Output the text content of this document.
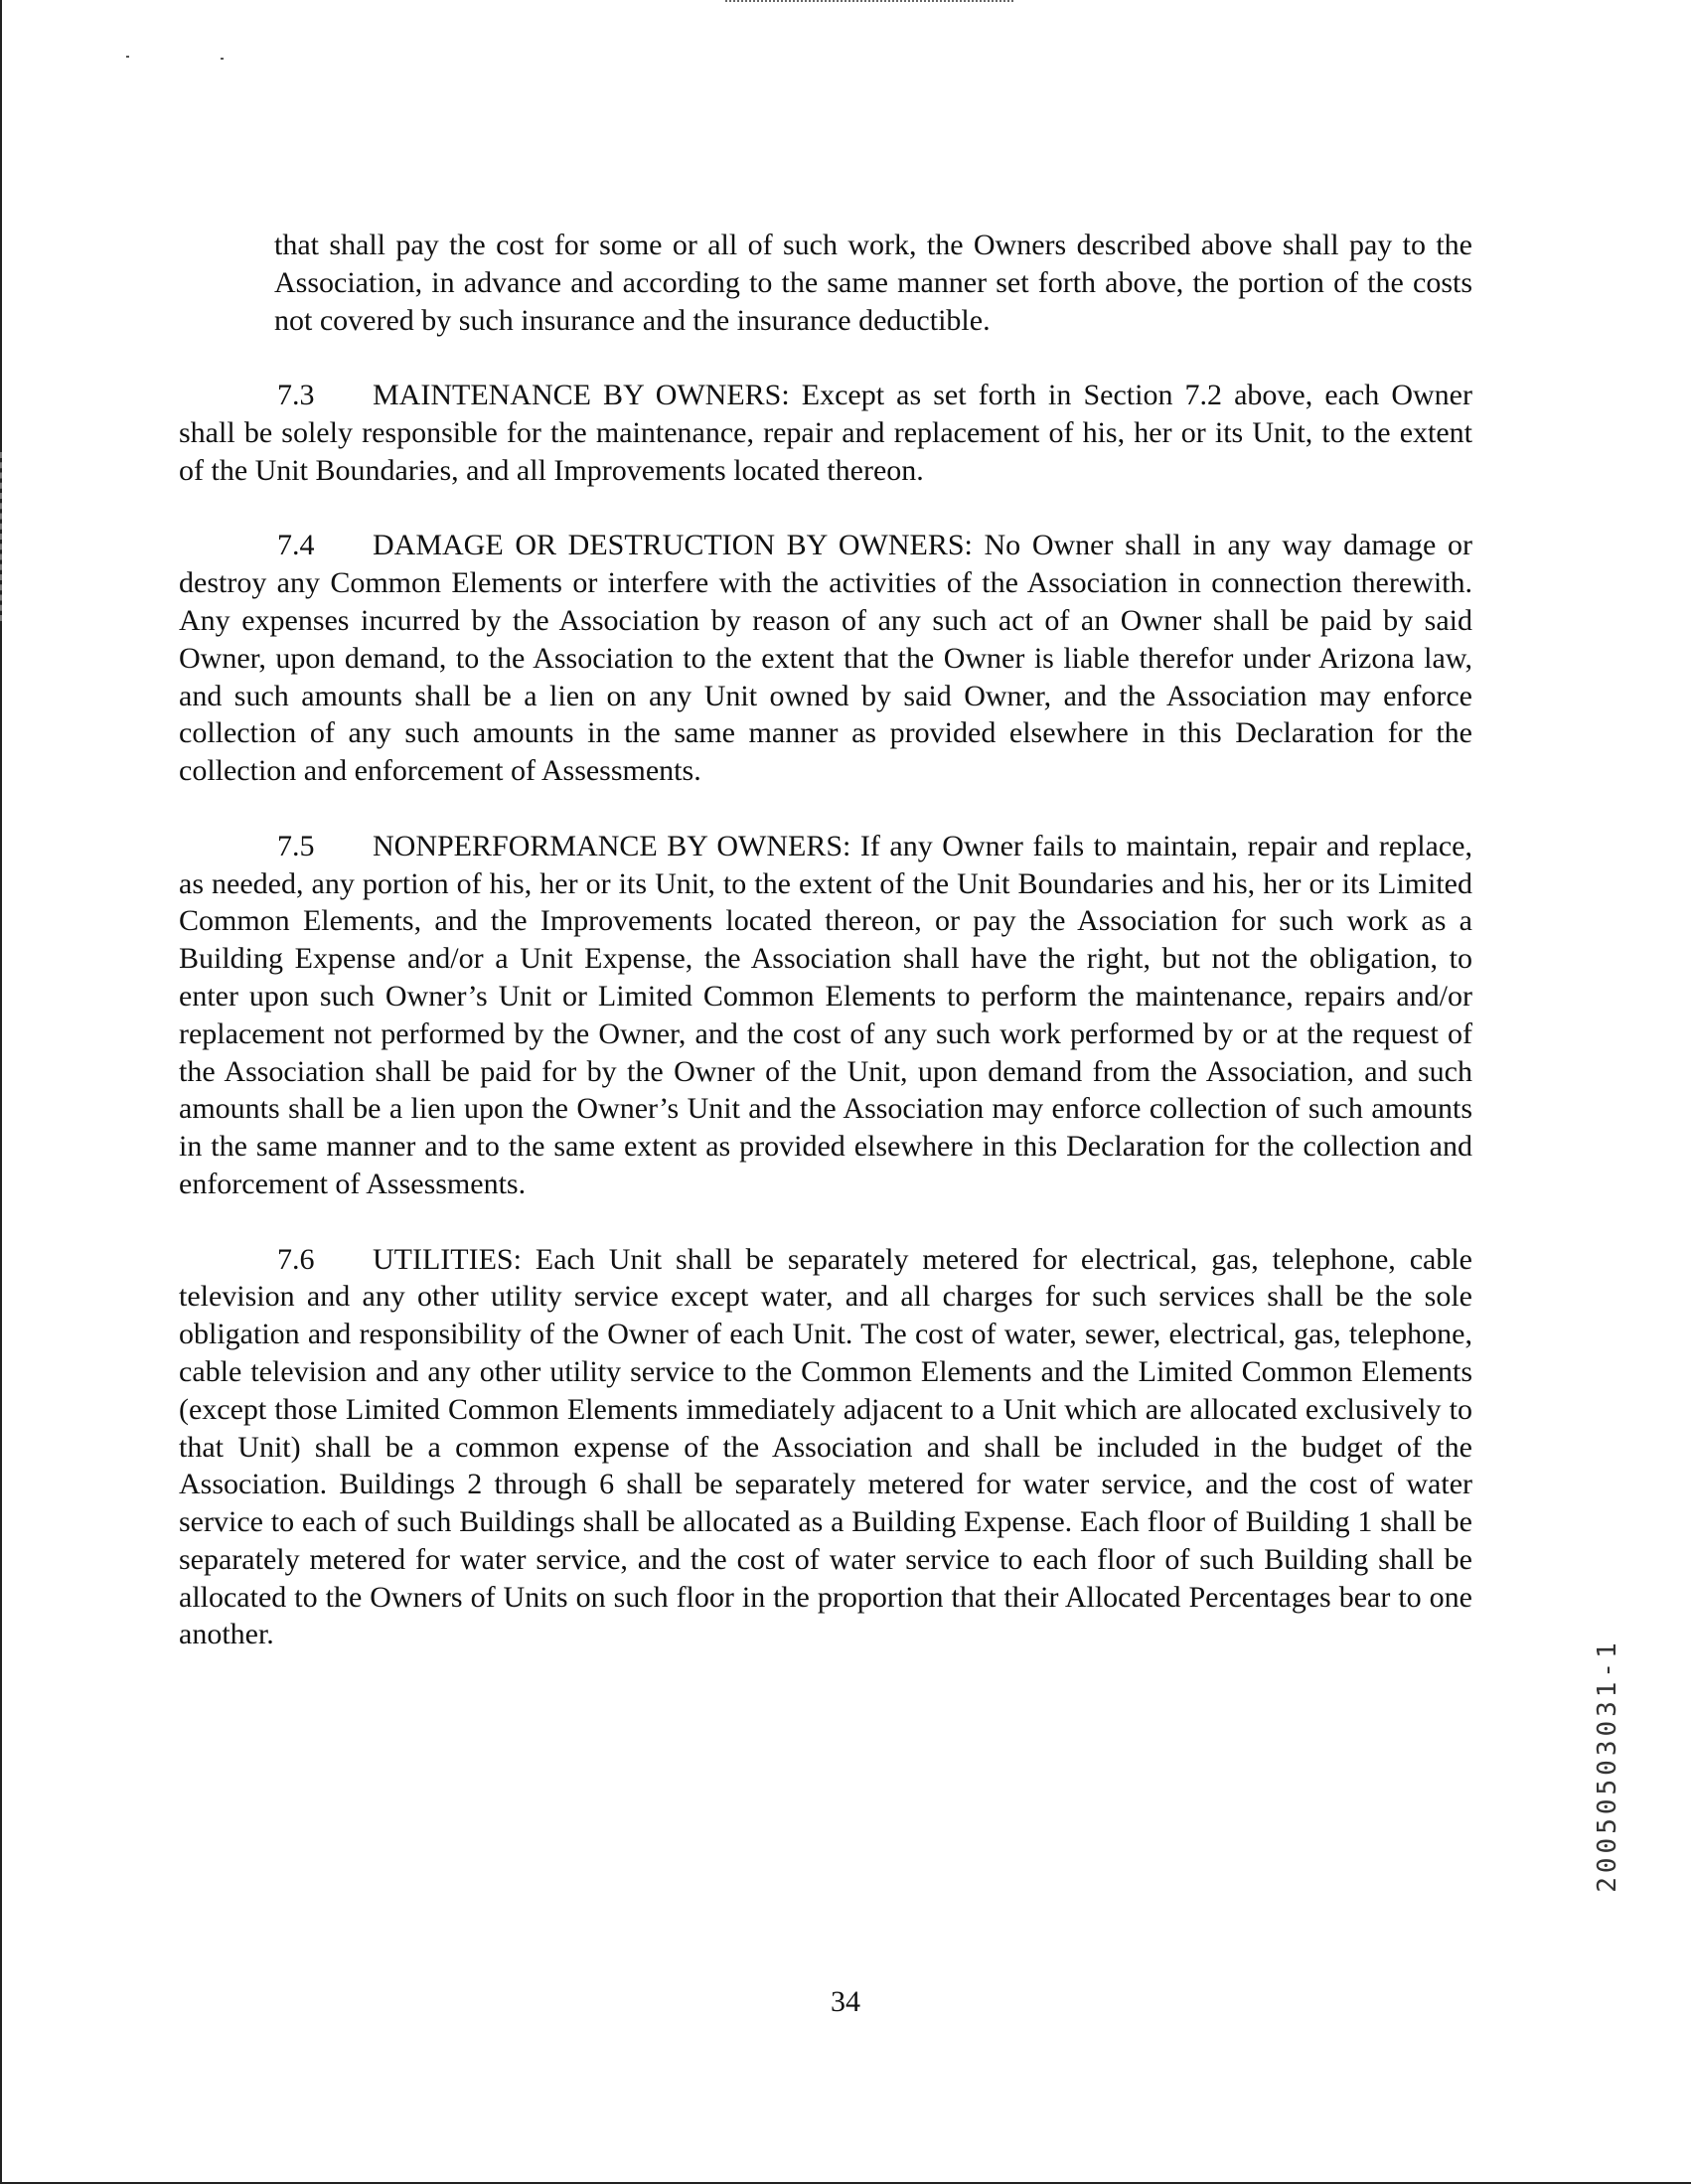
that shall pay the cost for some or all of such work, the Owners described above shall pay to the Association, in advance and according to the same manner set forth above, the portion of the costs not covered by such insurance and the insurance deductible.

7.3 MAINTENANCE BY OWNERS: Except as set forth in Section 7.2 above, each Owner shall be solely responsible for the maintenance, repair and replacement of his, her or its Unit, to the extent of the Unit Boundaries, and all Improvements located thereon.

7.4 DAMAGE OR DESTRUCTION BY OWNERS: No Owner shall in any way damage or destroy any Common Elements or interfere with the activities of the Association in connection therewith. Any expenses incurred by the Association by reason of any such act of an Owner shall be paid by said Owner, upon demand, to the Association to the extent that the Owner is liable therefor under Arizona law, and such amounts shall be a lien on any Unit owned by said Owner, and the Association may enforce collection of any such amounts in the same manner as provided elsewhere in this Declaration for the collection and enforcement of Assessments.

7.5 NONPERFORMANCE BY OWNERS: If any Owner fails to maintain, repair and replace, as needed, any portion of his, her or its Unit, to the extent of the Unit Boundaries and his, her or its Limited Common Elements, and the Improvements located thereon, or pay the Association for such work as a Building Expense and/or a Unit Expense, the Association shall have the right, but not the obligation, to enter upon such Owner’s Unit or Limited Common Elements to perform the maintenance, repairs and/or replacement not performed by the Owner, and the cost of any such work performed by or at the request of the Association shall be paid for by the Owner of the Unit, upon demand from the Association, and such amounts shall be a lien upon the Owner’s Unit and the Association may enforce collection of such amounts in the same manner and to the same extent as provided elsewhere in this Declaration for the collection and enforcement of Assessments.

7.6 UTILITIES: Each Unit shall be separately metered for electrical, gas, telephone, cable television and any other utility service except water, and all charges for such services shall be the sole obligation and responsibility of the Owner of each Unit. The cost of water, sewer, electrical, gas, telephone, cable television and any other utility service to the Common Elements and the Limited Common Elements (except those Limited Common Elements immediately adjacent to a Unit which are allocated exclusively to that Unit) shall be a common expense of the Association and shall be included in the budget of the Association. Buildings 2 through 6 shall be separately metered for water service, and the cost of water service to each of such Buildings shall be allocated as a Building Expense. Each floor of Building 1 shall be separately metered for water service, and the cost of water service to each floor of such Building shall be allocated to the Owners of Units on such floor in the proportion that their Allocated Percentages bear to one another.

34
20050503031-1
